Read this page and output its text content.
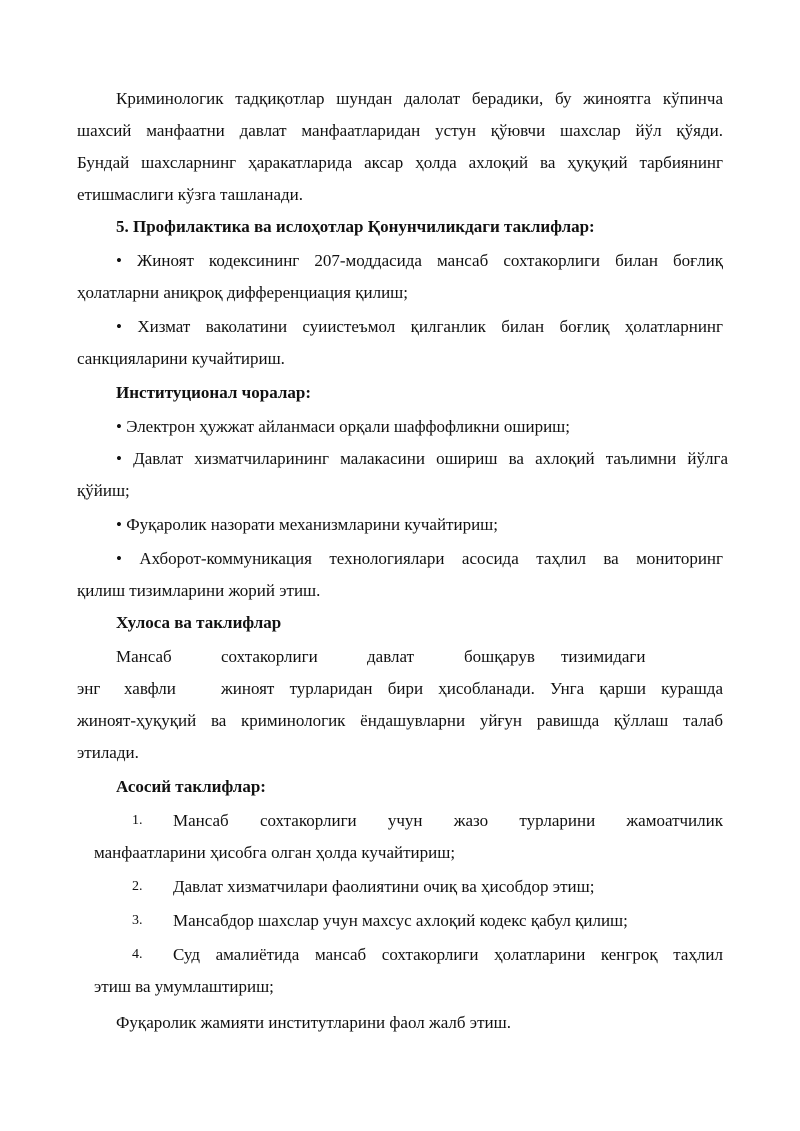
Криминологик тадқиқотлар шундан далолат берадики, бу жиноятга кўпинча
шахсий манфаатни давлат манфаатларидан устун қўювчи шахслар йўл қўяди.
Бундай шахсларнинг ҳаракатларида аксар ҳолда ахлоқий ва ҳуқуқий тарбиянинг
етишмаслиги кўзга ташланади.
5. Профилактика ва ислоҳотлар Қонунчиликдаги таклифлар:
• Жиноят кодексининг 207-моддасида мансаб сохтакорлиги билан боғлиқ
ҳолатларни аниқроқ дифференциация қилиш;
• Хизмат ваколатини суиистеъмол қилганлик билан боғлиқ ҳолатларнинг
санкцияларини кучайтириш.
Институционал чоралар:
• Электрон ҳужжат айланмаси орқали шаффофликни ошириш;
• Давлат хизматчиларининг малакасини ошириш ва ахлоқий таълимни йўлга
қўйиш;
• Фуқаролик назорати механизмларини кучайтириш;
• Ахборот-коммуникация технологиялари асосида таҳлил ва мониторинг
қилиш тизимларини жорий этиш.
Хулоса ва таклифлар
Мансаб	сохтакорлиги	давлат	бошқарув тизимидаги
энг хавфли	жиноят турларидан бири ҳисобланади. Унга қарши курашда
жиноят-ҳуқуқий ва криминологик ёндашувларни уйғун равишда қўллаш талаб
этилади.
Асосий таклифлар:
1. Мансаб сохтакорлиги учун жазо турларини жамоатчилик
манфаатларини ҳисобга олган ҳолда кучайтириш;
2. Давлат хизматчилари фаолиятини очиқ ва ҳисобдор этиш;
3. Мансабдор шахслар учун махсус ахлоқий кодекс қабул қилиш;
4. Суд амалиётида мансаб сохтакорлиги ҳолатларини кенгроқ таҳлил
этиш ва умумлаштириш;
Фуқаролик жамияти институтларини фаол жалб этиш.
